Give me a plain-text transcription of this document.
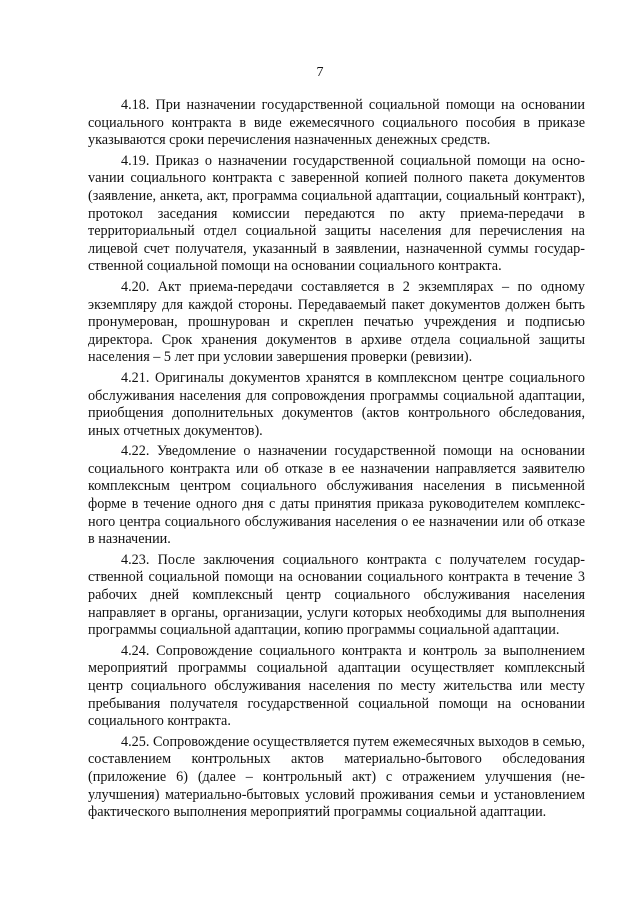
7

4.18. При назначении государственной социальной помощи на основании социального контракта в виде ежемесячного социального пособия в приказе указываются сроки перечисления назначенных денежных средств.

4.19. Приказ о назначении государственной социальной помощи на осноvании социального контракта с заверенной копией полного пакета документов (заявление, анкета, акт, программа социальной адаптации, социальный контракт), протокол заседания комиссии передаются по акту приема-передачи в территориальный отдел социальной защиты населения для перечисления на лицевой счет получателя, указанный в заявлении, назначенной суммы государственной социальной помощи на основании социального контракта.

4.20. Акт приема-передачи составляется в 2 экземплярах – по одному экземпляру для каждой стороны. Передаваемый пакет документов должен быть пронумерован, прошнурован и скреплен печатью учреждения и подписью директора. Срок хранения документов в архиве отдела социальной защиты населения – 5 лет при условии завершения проверки (ревизии).

4.21. Оригиналы документов хранятся в комплексном центре социального обслуживания населения для сопровождения программы социальной адаптации, приобщения дополнительных документов (актов контрольного обследования, иных отчетных документов).

4.22. Уведомление о назначении государственной помощи на основании социального контракта или об отказе в ее назначении направляется заявителю комплексным центром социального обслуживания населения в письменной форме в течение одного дня с даты принятия приказа руководителем комплексного центра социального обслуживания населения о ее назначении или об отказе в назначении.

4.23. После заключения социального контракта с получателем государственной социальной помощи на основании социального контракта в течение 3 рабочих дней комплексный центр социального обслуживания населения направляет в органы, организации, услуги которых необходимы для выполнения программы социальной адаптации, копию программы социальной адаптации.

4.24. Сопровождение социального контракта и контроль за выполнением мероприятий программы социальной адаптации осуществляет комплексный центр социального обслуживания населения по месту жительства или месту пребывания получателя государственной социальной помощи на основании социального контракта.

4.25. Сопровождение осуществляется путем ежемесячных выходов в семью, составлением контрольных актов материально-бытового обследования (приложение 6) (далее – контрольный акт) с отражением улучшения (неулучшения) материально-бытовых условий проживания семьи и установлением фактического выполнения мероприятий программы социальной адаптации.
